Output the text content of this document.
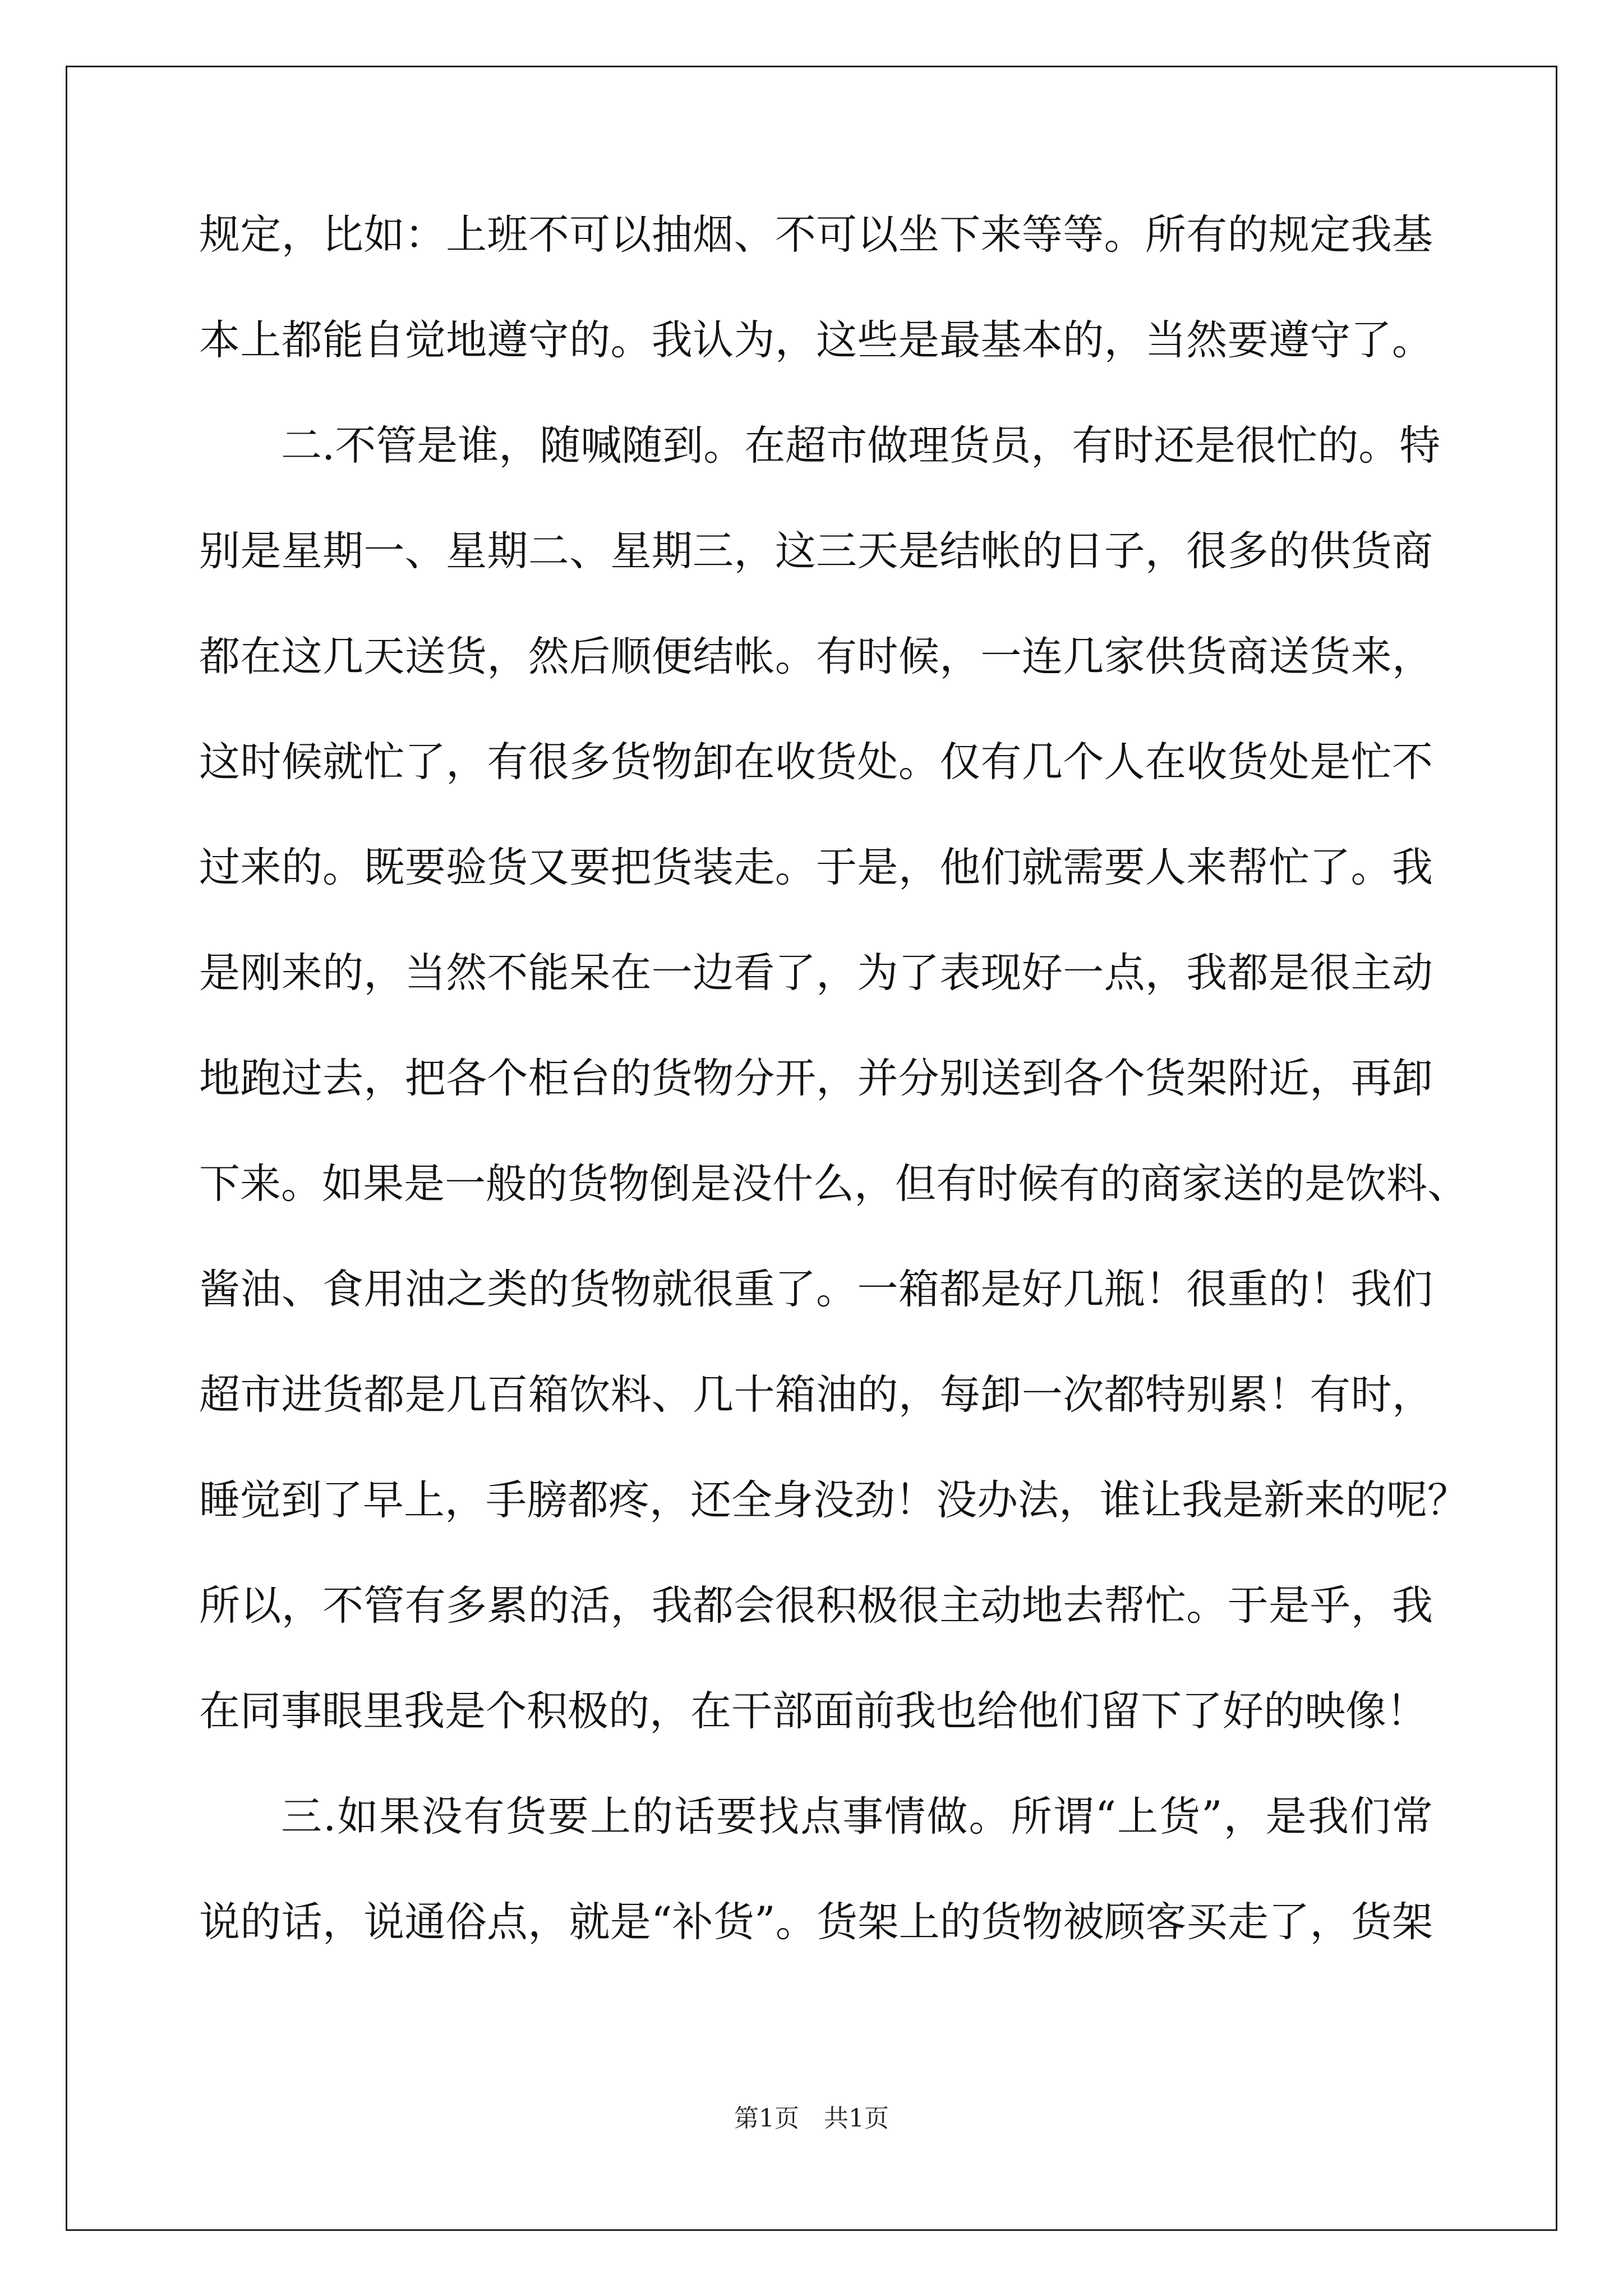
规定，比如：上班不可以抽烟、不可以坐下来等等。所有的规定我基
本上都能自觉地遵守的。我认为，这些是最基本的，当然要遵守了。
二.不管是谁，随喊随到。在超市做理货员，有时还是很忙的。特
别是星期一、星期二、星期三，这三天是结帐的日子，很多的供货商
都在这几天送货，然后顺便结帐。有时候，一连几家供货商送货来，
这时候就忙了，有很多货物卸在收货处。仅有几个人在收货处是忙不
过来的。既要验货又要把货装走。于是，他们就需要人来帮忙了。我
是刚来的，当然不能呆在一边看了，为了表现好一点，我都是很主动
地跑过去，把各个柜台的货物分开，并分别送到各个货架附近，再卸
下来。如果是一般的货物倒是没什么，但有时候有的商家送的是饮料、
酱油、食用油之类的货物就很重了。一箱都是好几瓶！很重的！我们
超市进货都是几百箱饮料、几十箱油的，每卸一次都特别累！有时，
睡觉到了早上，手膀都疼，还全身没劲！没办法，谁让我是新来的呢？
所以，不管有多累的活，我都会很积极很主动地去帮忙。于是乎，我
在同事眼里我是个积极的，在干部面前我也给他们留下了好的映像！
三.如果没有货要上的话要找点事情做。所谓“上货”，是我们常
说的话，说通俗点，就是“补货”。货架上的货物被顾客买走了，货架
第1页　共1页
